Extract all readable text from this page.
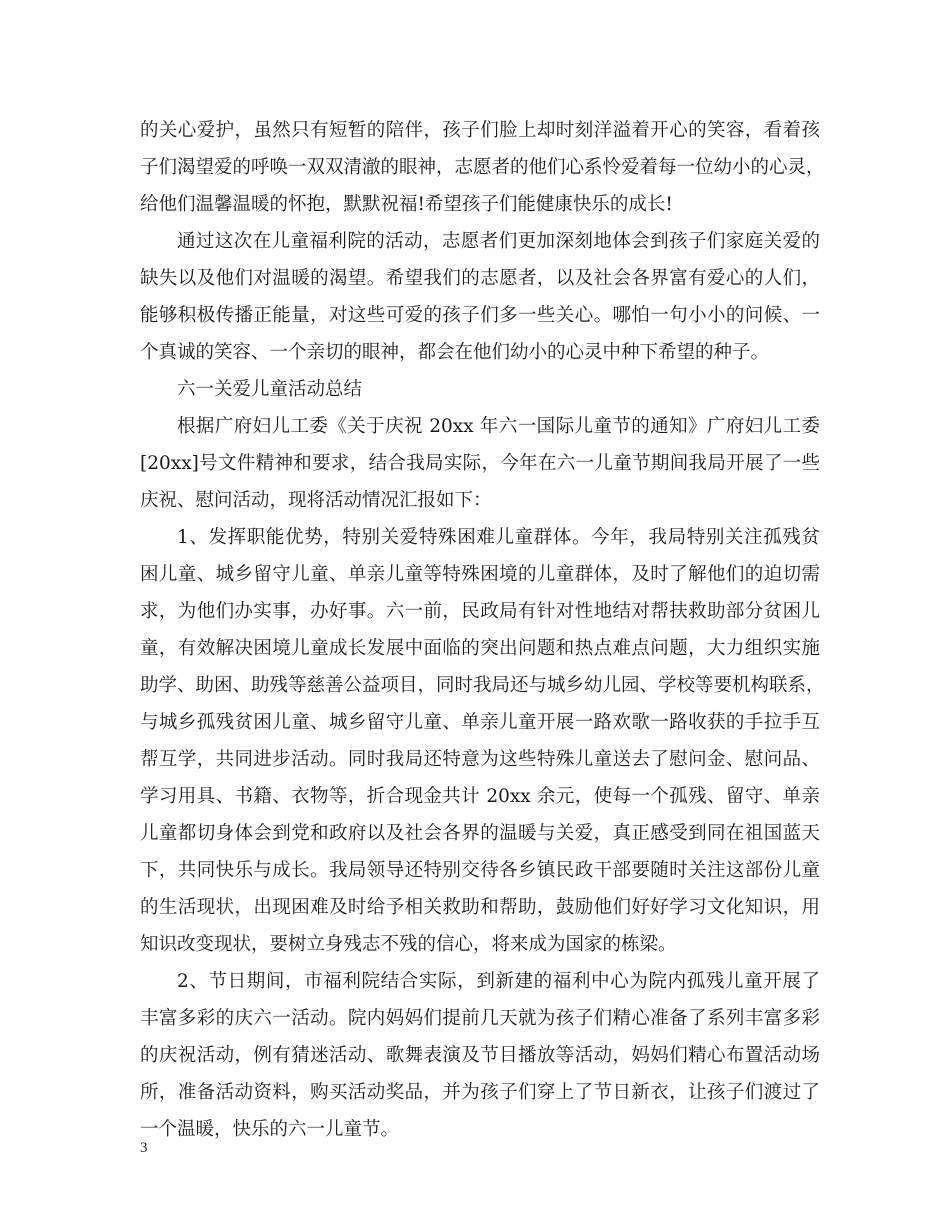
的关心爱护，虽然只有短暂的陪伴，孩子们脸上却时刻洋溢着开心的笑容，看着孩
子们渴望爱的呼唤一双双清澈的眼神，志愿者的他们心系怜爱着每一位幼小的心灵，
给他们温馨温暖的怀抱，默默祝福!希望孩子们能健康快乐的成长!
通过这次在儿童福利院的活动，志愿者们更加深刻地体会到孩子们家庭关爱的
缺失以及他们对温暖的渴望。希望我们的志愿者，以及社会各界富有爱心的人们，
能够积极传播正能量，对这些可爱的孩子们多一些关心。哪怕一句小小的问候、一
个真诚的笑容、一个亲切的眼神，都会在他们幼小的心灵中种下希望的种子。
六一关爱儿童活动总结
根据广府妇儿工委《关于庆祝 20xx 年六一国际儿童节的通知》广府妇儿工委
[20xx]号文件精神和要求，结合我局实际，今年在六一儿童节期间我局开展了一些
庆祝、慰问活动，现将活动情况汇报如下：
1、发挥职能优势，特别关爱特殊困难儿童群体。今年，我局特别关注孤残贫
困儿童、城乡留守儿童、单亲儿童等特殊困境的儿童群体，及时了解他们的迫切需
求，为他们办实事，办好事。六一前，民政局有针对性地结对帮扶救助部分贫困儿
童，有效解决困境儿童成长发展中面临的突出问题和热点难点问题，大力组织实施
助学、助困、助残等慈善公益项目，同时我局还与城乡幼儿园、学校等要机构联系，
与城乡孤残贫困儿童、城乡留守儿童、单亲儿童开展一路欢歌一路收获的手拉手互
帮互学，共同进步活动。同时我局还特意为这些特殊儿童送去了慰问金、慰问品、
学习用具、书籍、衣物等，折合现金共计 20xx 余元，使每一个孤残、留守、单亲
儿童都切身体会到党和政府以及社会各界的温暖与关爱，真正感受到同在祖国蓝天
下，共同快乐与成长。我局领导还特别交待各乡镇民政干部要随时关注这部份儿童
的生活现状，出现困难及时给予相关救助和帮助，鼓励他们好好学习文化知识，用
知识改变现状，要树立身残志不残的信心，将来成为国家的栋梁。
2、节日期间，市福利院结合实际，到新建的福利中心为院内孤残儿童开展了
丰富多彩的庆六一活动。院内妈妈们提前几天就为孩子们精心准备了系列丰富多彩
的庆祝活动，例有猜迷活动、歌舞表演及节目播放等活动，妈妈们精心布置活动场
所，准备活动资料，购买活动奖品，并为孩子们穿上了节日新衣，让孩子们渡过了
一个温暖，快乐的六一儿童节。
3
